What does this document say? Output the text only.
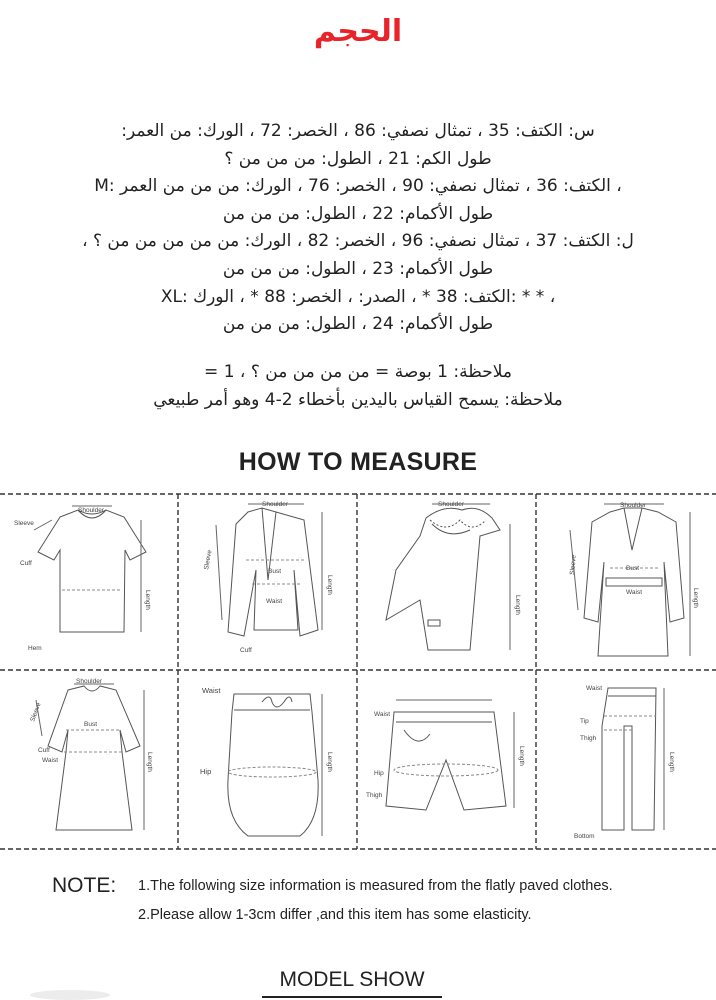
الحجم

س: الكتف: 35 ، تمثال نصفي: 86 ، الخصر: 72 ، الورك: من العمر:

طول الكم: 21 ، الطول: من من من ؟

، الكتف: 36 ، تمثال نصفي: 90 ، الخصر: 76 ، الورك: من من من العمر :M

طول الأكمام: 22 ، الطول: من من من

ل: الكتف: 37 ، تمثال نصفي: 96 ، الخصر: 82 ، الورك: من من من من من ؟ ،

طول الأكمام: 23 ، الطول: من من من

، * * :الكتف: 38 * ، الصدر: ، الخصر: 88 * ، الورك :XL

طول الأكمام: 24 ، الطول: من من من

ملاحظة: 1 بوصة = من من من من ؟ ، 1 =

ملاحظة: يسمح القياس باليدين بأخطاء 2-4 وهو أمر طبيعي

HOW TO MEASURE
Shoulder
Sleeve
Cuff
Length
Hem
Shoulder
Sleeve
Bust
Waist
Length
Cuff
Shoulder
Length
Shoulder
Sleeve	Bust
Waist	Length
Shoulder
Sleeve
Bust
Cuff
Waist	Length
Waist
Hip	Length
Waist
Hip
Thigh
Length
Waist
Tip
Thigh
Length
Bottom
NOTE: 1.The following size information is measured from the flatly paved clothes.
2.Please allow 1-3cm differ ,and this item has some elasticity.
MODEL SHOW
